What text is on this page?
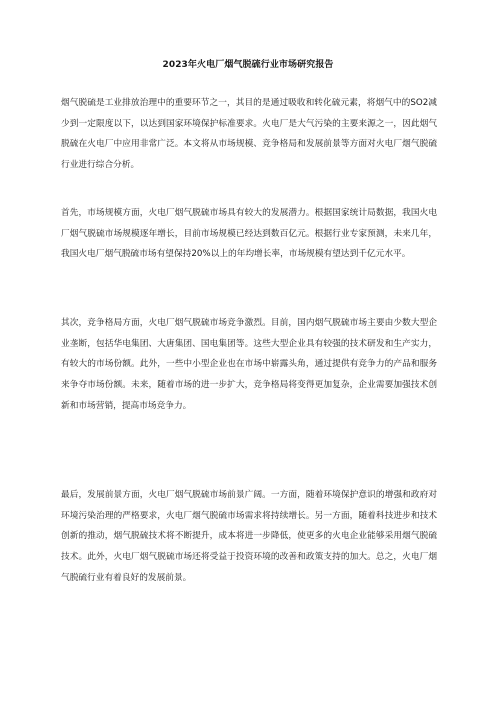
2023年火电厂烟气脱硫行业市场研究报告

烟气脱硫是工业排放治理中的重要环节之一，其目的是通过吸收和转化硫元素，将烟气中的SO2减少到一定限度以下，以达到国家环境保护标准要求。火电厂是大气污染的主要来源之一，因此烟气脱硫在火电厂中应用非常广泛。本文将从市场规模、竞争格局和发展前景等方面对火电厂烟气脱硫行业进行综合分析。

首先，市场规模方面，火电厂烟气脱硫市场具有较大的发展潜力。根据国家统计局数据，我国火电厂烟气脱硫市场规模逐年增长，目前市场规模已经达到数百亿元。根据行业专家预测，未来几年，我国火电厂烟气脱硫市场有望保持20%以上的年均增长率，市场规模有望达到千亿元水平。

其次，竞争格局方面，火电厂烟气脱硫市场竞争激烈。目前，国内烟气脱硫市场主要由少数大型企业垄断，包括华电集团、大唐集团、国电集团等。这些大型企业具有较强的技术研发和生产实力，有较大的市场份额。此外，一些中小型企业也在市场中崭露头角，通过提供有竞争力的产品和服务来争夺市场份额。未来，随着市场的进一步扩大，竞争格局将变得更加复杂，企业需要加强技术创新和市场营销，提高市场竞争力。

最后，发展前景方面，火电厂烟气脱硫市场前景广阔。一方面，随着环境保护意识的增强和政府对环境污染治理的严格要求，火电厂烟气脱硫市场需求将持续增长。另一方面，随着科技进步和技术创新的推动，烟气脱硫技术将不断提升，成本将进一步降低，使更多的火电企业能够采用烟气脱硫技术。此外，火电厂烟气脱硫市场还将受益于投资环境的改善和政策支持的加大。总之，火电厂烟气脱硫行业有着良好的发展前景。
